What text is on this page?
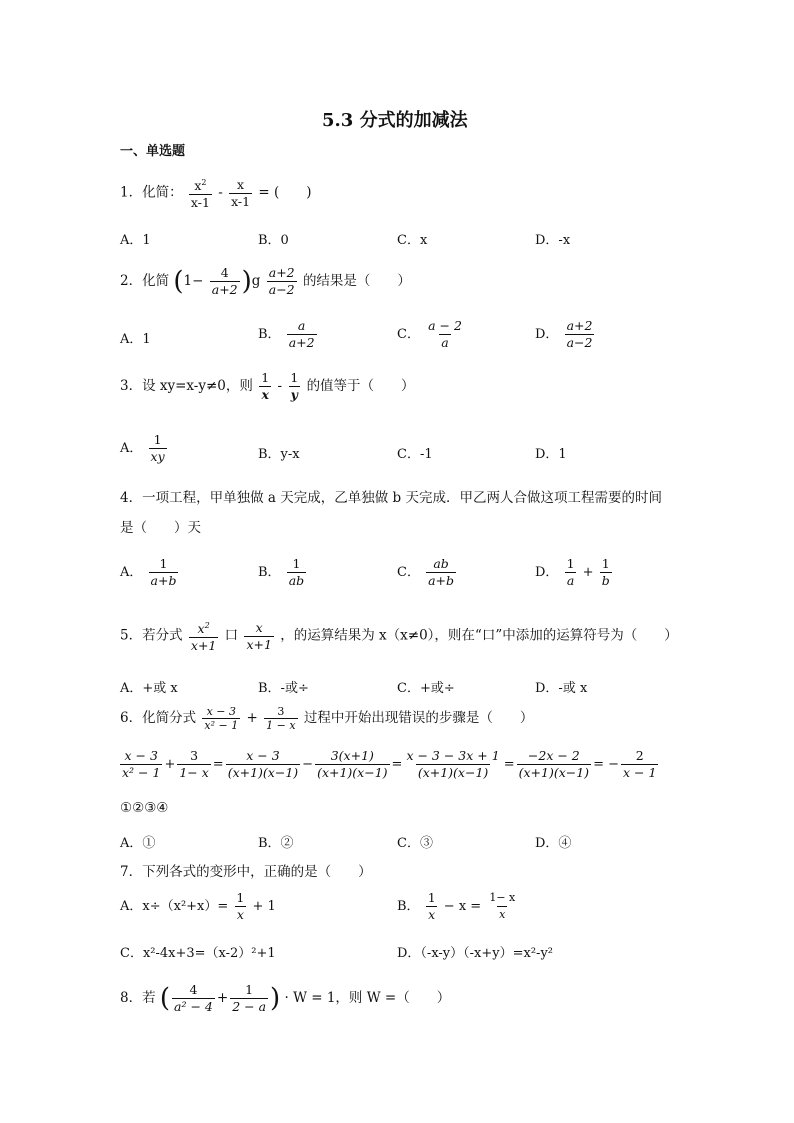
5.3 分式的加减法
一、单选题
1．化简： $\frac{x^2}{x-1} - \frac{x}{x-1}$ = (　　)
A．1	B．0	C．x	D．-x
2．化简 $(1- \frac{4}{a+2} )g \frac{a+2}{a-2}$ 的结果是（　　）
A．1	B． $\frac{a}{a+2}$	C． $\frac{a - 2}{a}$	D． $\frac{a+2}{a-2}$
3．设 xy=x-y≠0，则 $\frac{1}{x} - \frac{1}{y}$ 的值等于（　　）
A． $\frac{1}{xy}$	B．y-x	C．-1	D．1
4．一项工程，甲单独做 a 天完成，乙单独做 b 天完成．甲乙两人合做这项工程需要的时间
是（　　）天
A． $\frac{1}{a+b}$	B． $\frac{1}{ab}$	C． $\frac{ab}{a+b}$	D． $\frac{1}{a} + \frac{1}{b}$
5．若分式 $\frac{x^2}{x+1}$ 口 $\frac{x}{x+1}$ ，的运算结果为 x（x≠0），则在“口”中添加的运算符号为（　　）
A．+或 x	B．-或÷	C．+或÷	D．-或 x
6．化简分式 $\frac{x - 3}{\text{x² − 1}} + \frac{3}{1 - x}$ 过程中开始出现错误的步骤是（　　）
$\frac{x - 3}{\text{x² − 1}} + \frac{3}{1- x} = \frac{x - 3}{(x+1)(x-1)} - \frac{3(x+1)}{(x+1)(x-1)} = \frac{x - 3 - 3x + 1}{(x+1)(x-1)} = \frac{-2x - 2}{(x+1)(x-1)}$ = − $\frac{2}{x - 1}$
①②③④
A．①	B．②	C．③	D．④
7．下列各式的变形中，正确的是（　　）
A．$x\div(x^2+x)= \frac{1}{x} + 1$	B． $\frac{1}{x} - x = \frac{1- x}{x}$
C．x²-4x+3=（x-2）²+1	D．（-x-y）（-x+y）=x²-y²
8．若 ( $\frac{4}{\text{a² − 4}} + \frac{1}{2 - a}$ ) · W = 1，则 W =（　　）
